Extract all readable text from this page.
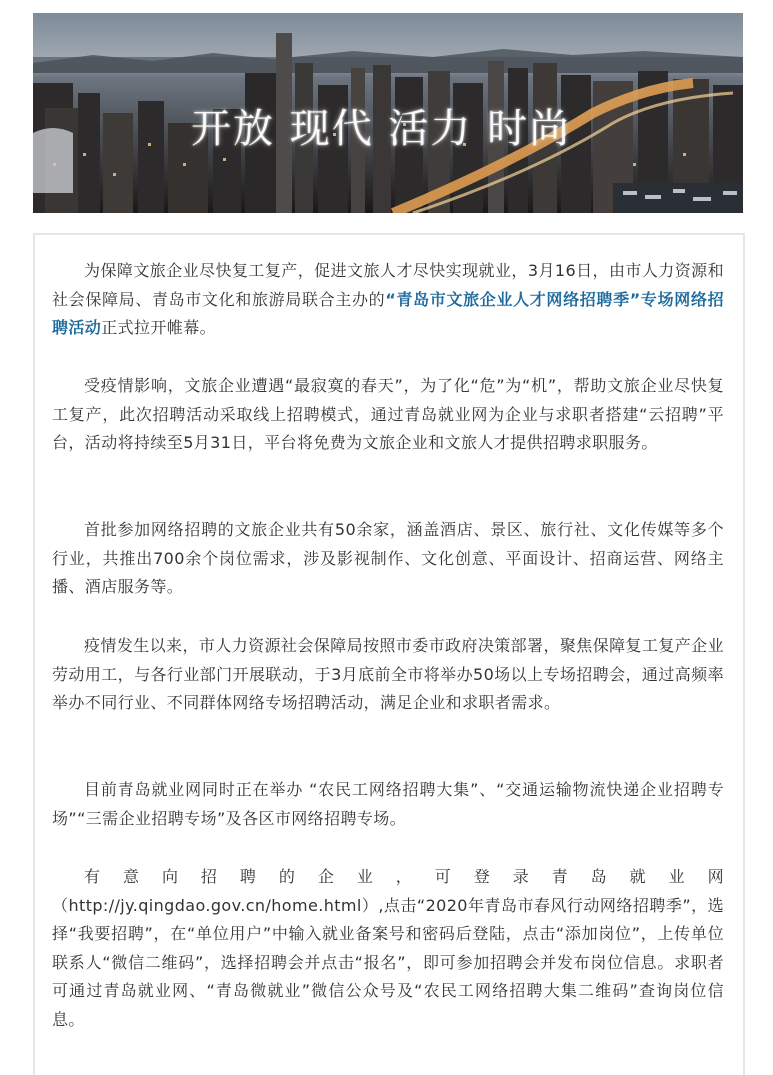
开放 现代 活力 时尚

为保障文旅企业尽快复工复产，促进文旅人才尽快实现就业，3月16日，由市人力资源和社会保障局、青岛市文化和旅游局联合主办的“青岛市文旅企业人才网络招聘季”专场网络招聘活动正式拉开帷幕。

受疫情影响，文旅企业遭遇“最寂寞的春天”，为了化“危”为“机”，帮助文旅企业尽快复工复产，此次招聘活动采取线上招聘模式，通过青岛就业网为企业与求职者搭建“云招聘”平台，活动将持续至5月31日，平台将免费为文旅企业和文旅人才提供招聘求职服务。

首批参加网络招聘的文旅企业共有50余家，涵盖酒店、景区、旅行社、文化传媒等多个行业，共推出700余个岗位需求，涉及影视制作、文化创意、平面设计、招商运营、网络主播、酒店服务等。

疫情发生以来，市人力资源社会保障局按照市委市政府决策部署，聚焦保障复工复产企业劳动用工，与各行业部门开展联动，于3月底前全市将举办50场以上专场招聘会，通过高频率举办不同行业、不同群体网络专场招聘活动，满足企业和求职者需求。

目前青岛就业网同时正在举办 “农民工网络招聘大集”、“交通运输物流快递企业招聘专场”“三需企业招聘专场”及各区市网络招聘专场。

有意向招聘的企业，可登录青岛就业网
（http://jy.qingdao.gov.cn/home.html）,点击“2020年青岛市春风行动网络招聘季”，选择“我要招聘”，在“单位用户”中输入就业备案号和密码后登陆，点击“添加岗位”，上传单位联系人“微信二维码”，选择招聘会并点击“报名”，即可参加招聘会并发布岗位信息。求职者可通过青岛就业网、“青岛微就业”微信公众号及“农民工网络招聘大集二维码”查询岗位信息。
